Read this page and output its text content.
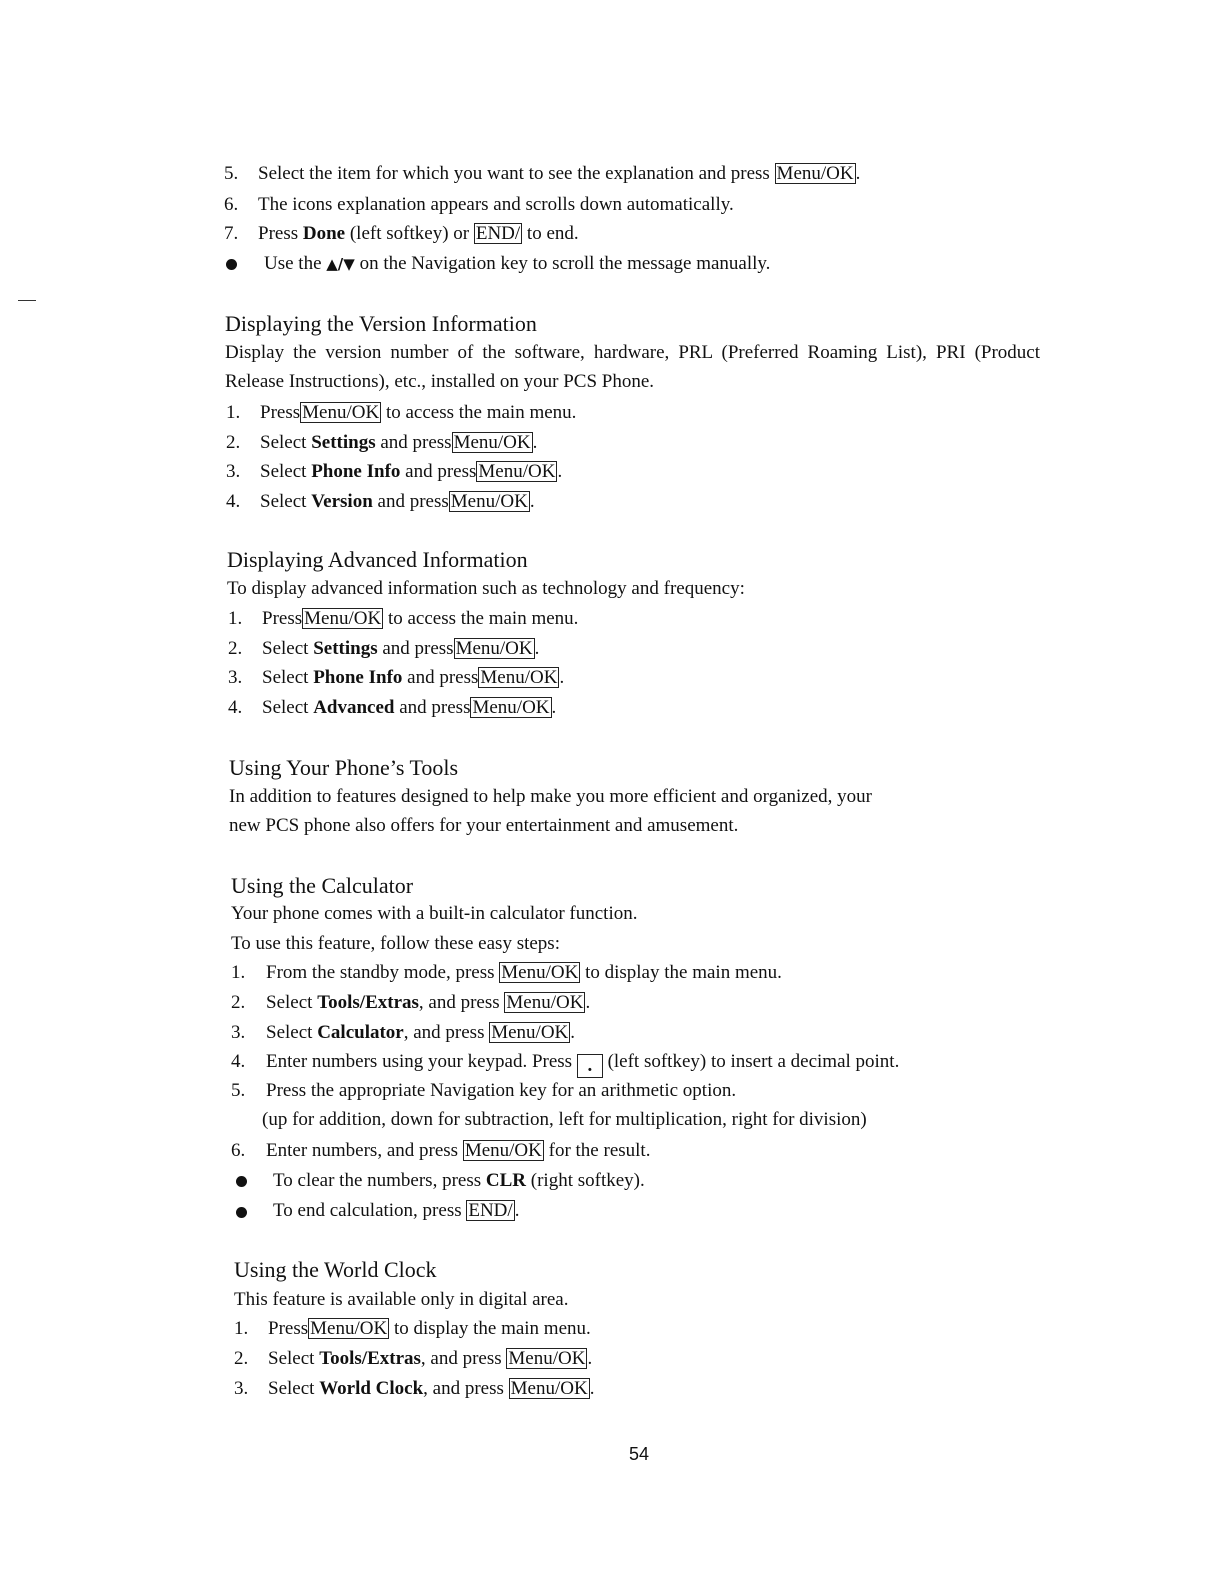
5. Select the item for which you want to see the explanation and press Menu/OK .
6. The icons explanation appears and scrolls down automatically.
7. Press Done (left softkey) or END/ to end.
Use the ▲/▼ on the Navigation key to scroll the message manually.
Displaying the Version Information
Display the version number of the software, hardware, PRL (Preferred Roaming List), PRI (Product Release Instructions), etc., installed on your PCS Phone.
1. Press Menu/OK to access the main menu.
2. Select Settings and press Menu/OK .
3. Select Phone Info and press Menu/OK .
4. Select Version and press Menu/OK .
Displaying Advanced Information
To display advanced information such as technology and frequency:
1. Press Menu/OK to access the main menu.
2. Select Settings and press Menu/OK .
3. Select Phone Info and press Menu/OK .
4. Select Advanced and press Menu/OK .
Using Your Phone’s Tools
In addition to features designed to help make you more efficient and organized, your
new PCS phone also offers for your entertainment and amusement.
Using the Calculator
Your phone comes with a built-in calculator function.
To use this feature, follow these easy steps:
1. From the standby mode, press Menu/OK to display the main menu.
2. Select Tools/Extras, and press Menu/OK .
3. Select Calculator, and press Menu/OK .
4. Enter numbers using your keypad. Press . (left softkey) to insert a decimal point.
5. Press the appropriate Navigation key for an arithmetic option.
(up for addition, down for subtraction, left for multiplication, right for division)
6. Enter numbers, and press Menu/OK for the result.
To clear the numbers, press CLR (right softkey).
To end calculation, press END/ .
Using the World Clock
This feature is available only in digital area.
1. Press Menu/OK to display the main menu.
2. Select Tools/Extras, and press Menu/OK .
3. Select World Clock, and press Menu/OK .
54
